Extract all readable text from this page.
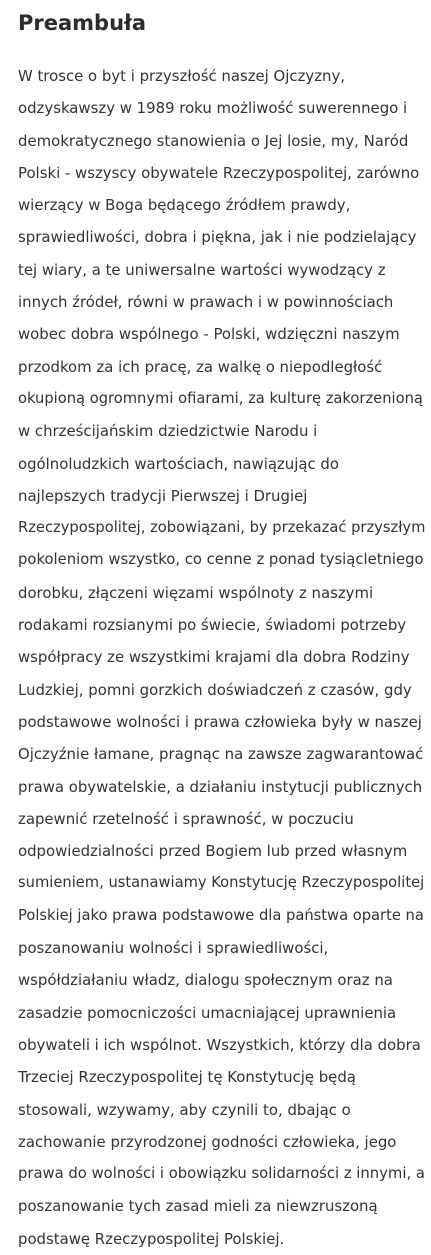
Preambuła
W trosce o byt i przyszłość naszej Ojczyzny,
odzyskawszy w 1989 roku możliwość suwerennego i
demokratycznego stanowienia o Jej losie, my, Naród
Polski - wszyscy obywatele Rzeczypospolitej, zarówno
wierzący w Boga będącego źródłem prawdy,
sprawiedliwości, dobra i piękna, jak i nie podzielający
tej wiary, a te uniwersalne wartości wywodzący z
innych źródeł, równi w prawach i w powinnościach
wobec dobra wspólnego - Polski, wdzięczni naszym
przodkom za ich pracę, za walkę o niepodległość
okupioną ogromnymi ofiarami, za kulturę zakorzenioną
w chrześcijańskim dziedzictwie Narodu i
ogólnoludzkich wartościach, nawiązując do
najlepszych tradycji Pierwszej i Drugiej
Rzeczypospolitej, zobowiązani, by przekazać przyszłym
pokoleniom wszystko, co cenne z ponad tysiącletniego
dorobku, złączeni więzami wspólnoty z naszymi
rodakami rozsianymi po świecie, świadomi potrzeby
współpracy ze wszystkimi krajami dla dobra Rodziny
Ludzkiej, pomni gorzkich doświadczeń z czasów, gdy
podstawowe wolności i prawa człowieka były w naszej
Ojczyźnie łamane, pragnąc na zawsze zagwarantować
prawa obywatelskie, a działaniu instytucji publicznych
zapewnić rzetelność i sprawność, w poczuciu
odpowiedzialności przed Bogiem lub przed własnym
sumieniem, ustanawiamy Konstytucję Rzeczypospolitej
Polskiej jako prawa podstawowe dla państwa oparte na
poszanowaniu wolności i sprawiedliwości,
współdziałaniu władz, dialogu społecznym oraz na
zasadzie pomocniczości umacniającej uprawnienia
obywateli i ich wspólnot. Wszystkich, którzy dla dobra
Trzeciej Rzeczypospolitej tę Konstytucję będą
stosowali, wzywamy, aby czynili to, dbając o
zachowanie przyrodzonej godności człowieka, jego
prawa do wolności i obowiązku solidarności z innymi, a
poszanowanie tych zasad mieli za niewzruszoną
podstawę Rzeczypospolitej Polskiej.
